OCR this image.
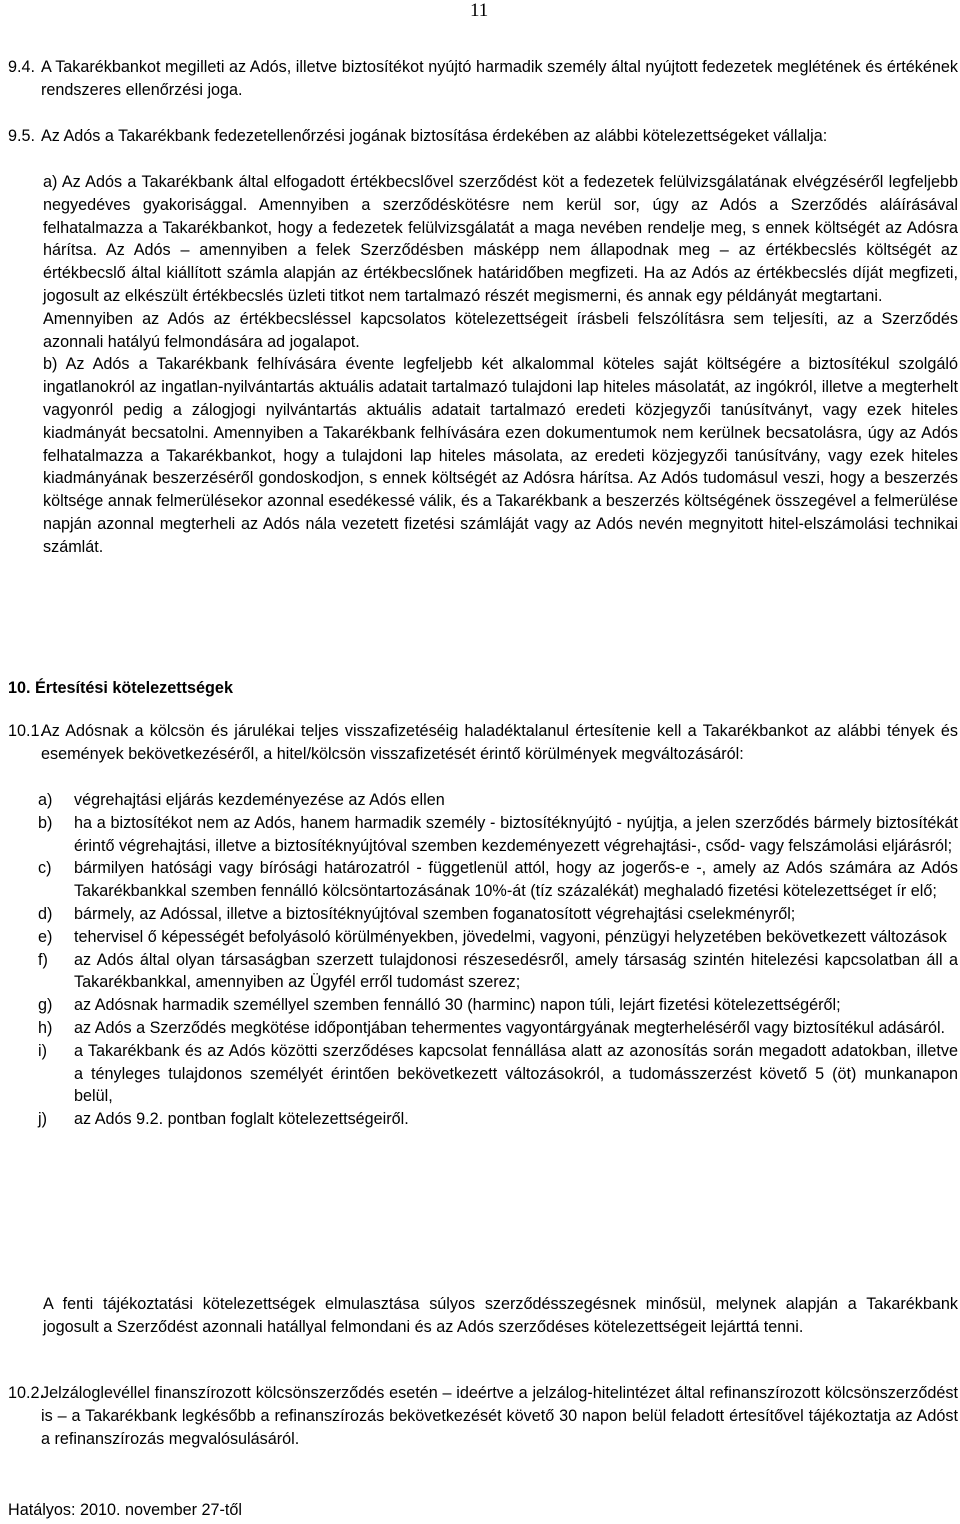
11
9.4. A Takarékbankot megilleti az Adós, illetve biztosítékot nyújtó harmadik személy által nyújtott fedezetek meglétének és értékének rendszeres ellenőrzési joga.
9.5. Az Adós a Takarékbank fedezetellenőrzési jogának biztosítása érdekében az alábbi kötelezettségeket vállalja:

a) Az Adós a Takarékbank által elfogadott értékbecslővel szerződést köt a fedezetek felülvizsgálatának elvégzéséről legfeljebb negyedéves gyakorisággal. Amennyiben a szerződéskötésre nem kerül sor, úgy az Adós a Szerződés aláírásával felhatalmazza a Takarékbankot, hogy a fedezetek felülvizsgálatát a maga nevében rendelje meg, s ennek költségét az Adósra hárítsa. Az Adós – amennyiben a felek Szerződésben másképp nem állapodnak meg – az értékbecslés költségét az értékbecslő által kiállított számla alapján az értékbecslőnek határidőben megfizeti. Ha az Adós az értékbecslés díját megfizeti, jogosult az elkészült értékbecslés üzleti titkot nem tartalmazó részét megismerni, és annak egy példányát megtartani.

Amennyiben az Adós az értékbecsléssel kapcsolatos kötelezettségeit írásbeli felszólításra sem teljesíti, az a Szerződés azonnali hatályú felmondására ad jogalapot.

b) Az Adós a Takarékbank felhívására évente legfeljebb két alkalommal köteles saját költségére a biztosítékul szolgáló ingatlanokról az ingatlan-nyilvántartás aktuális adatait tartalmazó tulajdoni lap hiteles másolatát, az ingókról, illetve a megterhelt vagyonról pedig a zálogjogi nyilvántartás aktuális adatait tartalmazó eredeti közjegyzői tanúsítványt, vagy ezek hiteles kiadmányát becsatolni. Amennyiben a Takarékbank felhívására ezen dokumentumok nem kerülnek becsatolásra, úgy az Adós felhatalmazza a Takarékbankot, hogy a tulajdoni lap hiteles másolata, az eredeti közjegyzői tanúsítvány, vagy ezek hiteles kiadmányának beszerzéséről gondoskodjon, s ennek költségét az Adósra hárítsa. Az Adós tudomásul veszi, hogy a beszerzés költsége annak felmerülésekor azonnal esedékessé válik, és a Takarékbank a beszerzés költségének összegével a felmerülése napján azonnal megterheli az Adós nála vezetett fizetési számláját vagy az Adós nevén megnyitott hitel-elszámolási technikai számlát.

10. Értesítési kötelezettségek
10.1.
Az Adósnak a kölcsön és járulékai teljes visszafizetéséig haladéktalanul értesítenie kell a Takarékbankot az alábbi tények és események bekövetkezéséről, a hitel/kölcsön visszafizetését érintő körülmények megváltozásáról:
a) végrehajtási eljárás kezdeményezése az Adós ellen
b) ha a biztosítékot nem az Adós, hanem harmadik személy - biztosítéknyújtó - nyújtja, a jelen szerződés bármely biztosítékát érintő végrehajtási, illetve a biztosítéknyújtóval szemben kezdeményezett végrehajtási-, csőd- vagy felszámolási eljárásról;
c) bármilyen hatósági vagy bírósági határozatról - függetlenül attól, hogy az jogerős-e -, amely az Adós számára az Adós Takarékbankkal szemben fennálló kölcsöntartozásának 10%-át (tíz százalékát) meghaladó fizetési kötelezettséget ír elő;
d) bármely, az Adóssal, illetve a biztosítéknyújtóval szemben foganatosított végrehajtási cselekményről;
e) tehervisel ő képességét befolyásoló körülményekben, jövedelmi, vagyoni, pénzügyi helyzetében bekövetkezett változások
f) az Adós által olyan társaságban szerzett tulajdonosi részesedésről, amely társaság szintén hitelezési kapcsolatban áll a Takarékbankkal, amennyiben az Ügyfél erről tudomást szerez;
g) az Adósnak harmadik személlyel szemben fennálló 30 (harminc) napon túli, lejárt fizetési kötelezettségéről;
h) az Adós a Szerződés megkötése időpontjában tehermentes vagyontárgyának megterheléséről vagy biztosítékul adásáról.
i) a Takarékbank és az Adós közötti szerződéses kapcsolat fennállása alatt az azonosítás során megadott adatokban, illetve a tényleges tulajdonos személyét érintően bekövetkezett változásokról, a tudomásszerzést követő 5 (öt) munkanapon belül,
j) az Adós 9.2. pontban foglalt kötelezettségeiről.
A fenti tájékoztatási kötelezettségek elmulasztása súlyos szerződésszegésnek minősül, melynek alapján a Takarékbank jogosult a Szerződést azonnali hatállyal felmondani és az Adós szerződéses kötelezettségeit lejárttá tenni.
10.2.
Jelzáloglevéllel finanszírozott kölcsönszerződés esetén – ideértve a jelzálog-hitelintézet által refinanszírozott kölcsönszerződést is – a Takarékbank legkésőbb a refinanszírozás bekövetkezését követő 30 napon belül feladott értesítővel tájékoztatja az Adóst a refinanszírozás megvalósulásáról.
Hatályos: 2010. november 27-től
